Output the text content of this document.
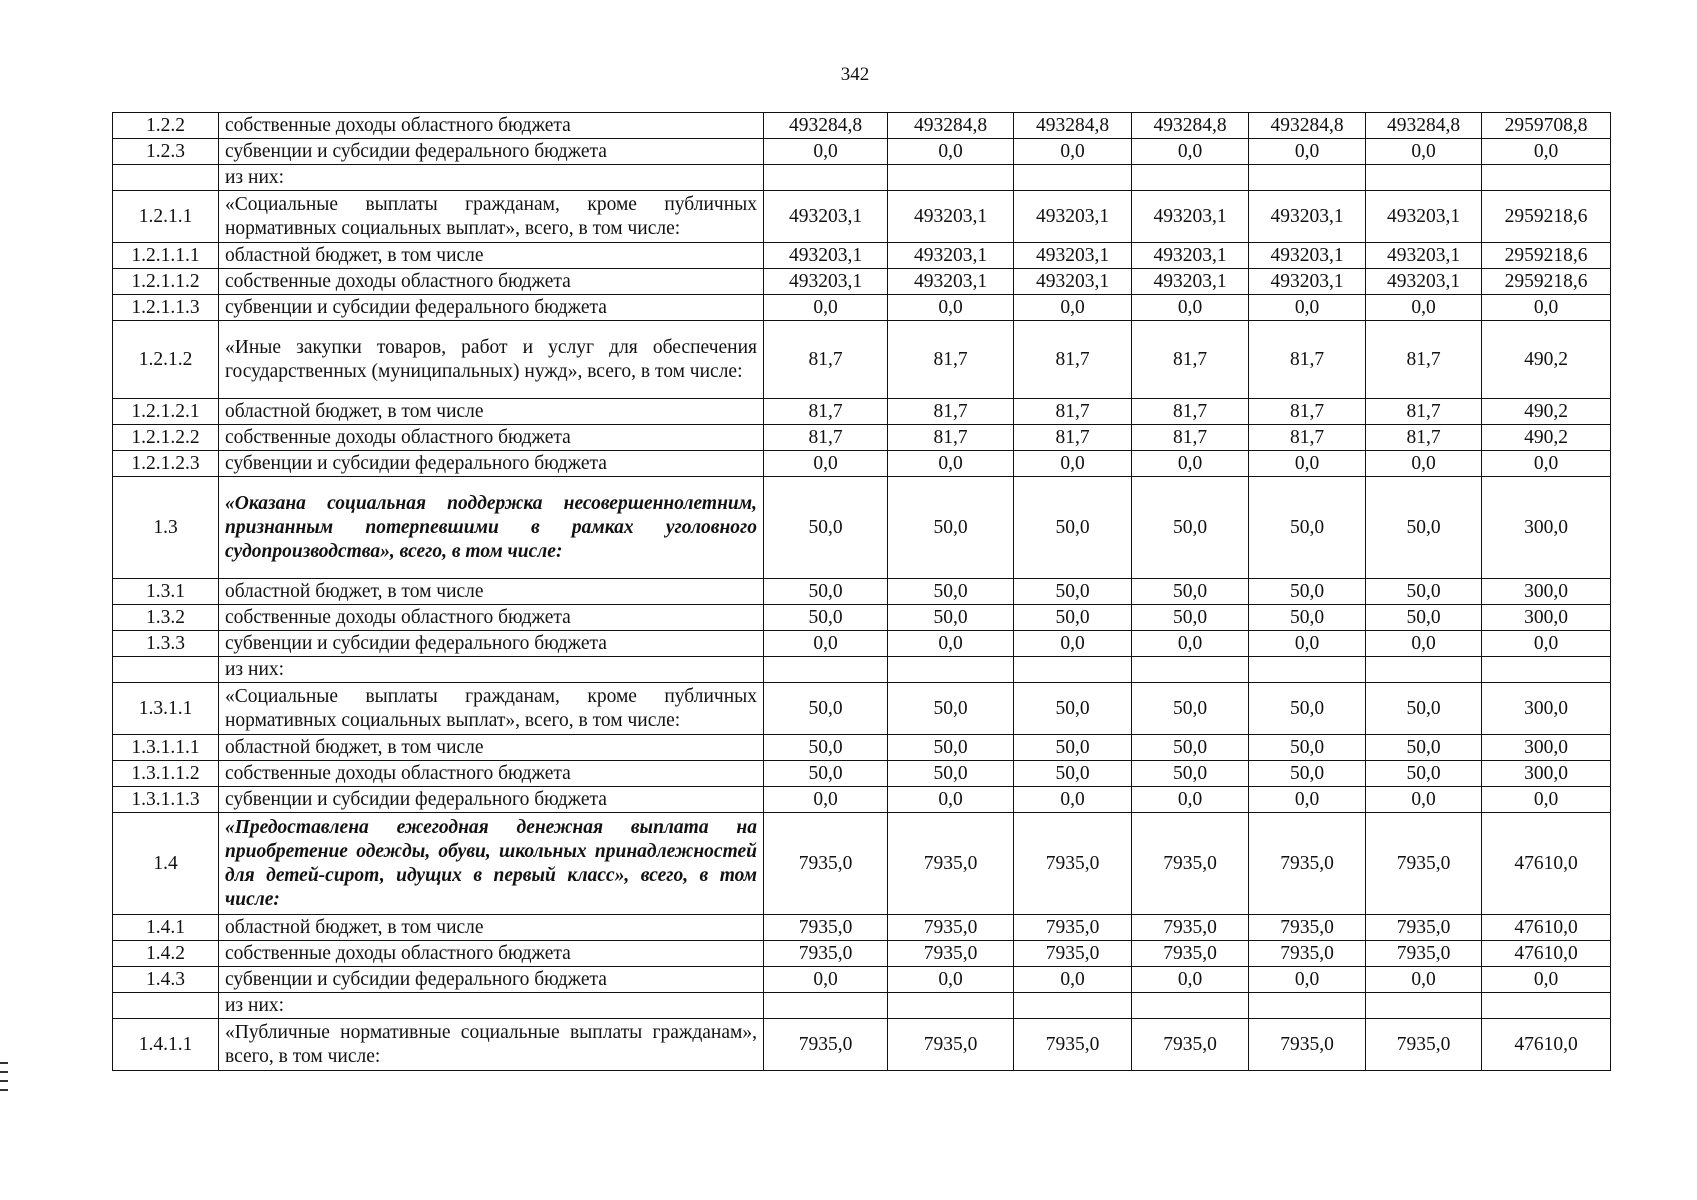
342
1.2.2	собственные доходы областного бюджета	493284,8	493284,8	493284,8	493284,8	493284,8	493284,8	2959708,8
1.2.3	субвенции и субсидии федерального бюджета	0,0	0,0	0,0	0,0	0,0	0,0	0,0
	из них:							
1.2.1.1	«Социальные выплаты гражданам, кроме публичных нормативных социальных выплат», всего, в том числе:	493203,1	493203,1	493203,1	493203,1	493203,1	493203,1	2959218,6
1.2.1.1.1	областной бюджет, в том числе	493203,1	493203,1	493203,1	493203,1	493203,1	493203,1	2959218,6
1.2.1.1.2	собственные доходы областного бюджета	493203,1	493203,1	493203,1	493203,1	493203,1	493203,1	2959218,6
1.2.1.1.3	субвенции и субсидии федерального бюджета	0,0	0,0	0,0	0,0	0,0	0,0	0,0
1.2.1.2	«Иные закупки товаров, работ и услуг для обеспечения государственных (муниципальных) нужд», всего, в том числе:	81,7	81,7	81,7	81,7	81,7	81,7	490,2
1.2.1.2.1	областной бюджет, в том числе	81,7	81,7	81,7	81,7	81,7	81,7	490,2
1.2.1.2.2	собственные доходы областного бюджета	81,7	81,7	81,7	81,7	81,7	81,7	490,2
1.2.1.2.3	субвенции и субсидии федерального бюджета	0,0	0,0	0,0	0,0	0,0	0,0	0,0
1.3	«Оказана социальная поддержка несовершеннолетним, признанным потерпевшими в рамках уголовного судопроизводства», всего, в том числе:	50,0	50,0	50,0	50,0	50,0	50,0	300,0
1.3.1	областной бюджет, в том числе	50,0	50,0	50,0	50,0	50,0	50,0	300,0
1.3.2	собственные доходы областного бюджета	50,0	50,0	50,0	50,0	50,0	50,0	300,0
1.3.3	субвенции и субсидии федерального бюджета	0,0	0,0	0,0	0,0	0,0	0,0	0,0
	из них:							
1.3.1.1	«Социальные выплаты гражданам, кроме публичных нормативных социальных выплат», всего, в том числе:	50,0	50,0	50,0	50,0	50,0	50,0	300,0
1.3.1.1.1	областной бюджет, в том числе	50,0	50,0	50,0	50,0	50,0	50,0	300,0
1.3.1.1.2	собственные доходы областного бюджета	50,0	50,0	50,0	50,0	50,0	50,0	300,0
1.3.1.1.3	субвенции и субсидии федерального бюджета	0,0	0,0	0,0	0,0	0,0	0,0	0,0
1.4	«Предоставлена ежегодная денежная выплата на приобретение одежды, обуви, школьных принадлежностей для детей-сирот, идущих в первый класс», всего, в том числе:	7935,0	7935,0	7935,0	7935,0	7935,0	7935,0	47610,0
1.4.1	областной бюджет, в том числе	7935,0	7935,0	7935,0	7935,0	7935,0	7935,0	47610,0
1.4.2	собственные доходы областного бюджета	7935,0	7935,0	7935,0	7935,0	7935,0	7935,0	47610,0
1.4.3	субвенции и субсидии федерального бюджета	0,0	0,0	0,0	0,0	0,0	0,0	0,0
	из них:							
1.4.1.1	«Публичные нормативные социальные выплаты гражданам», всего, в том числе:	7935,0	7935,0	7935,0	7935,0	7935,0	7935,0	47610,0
